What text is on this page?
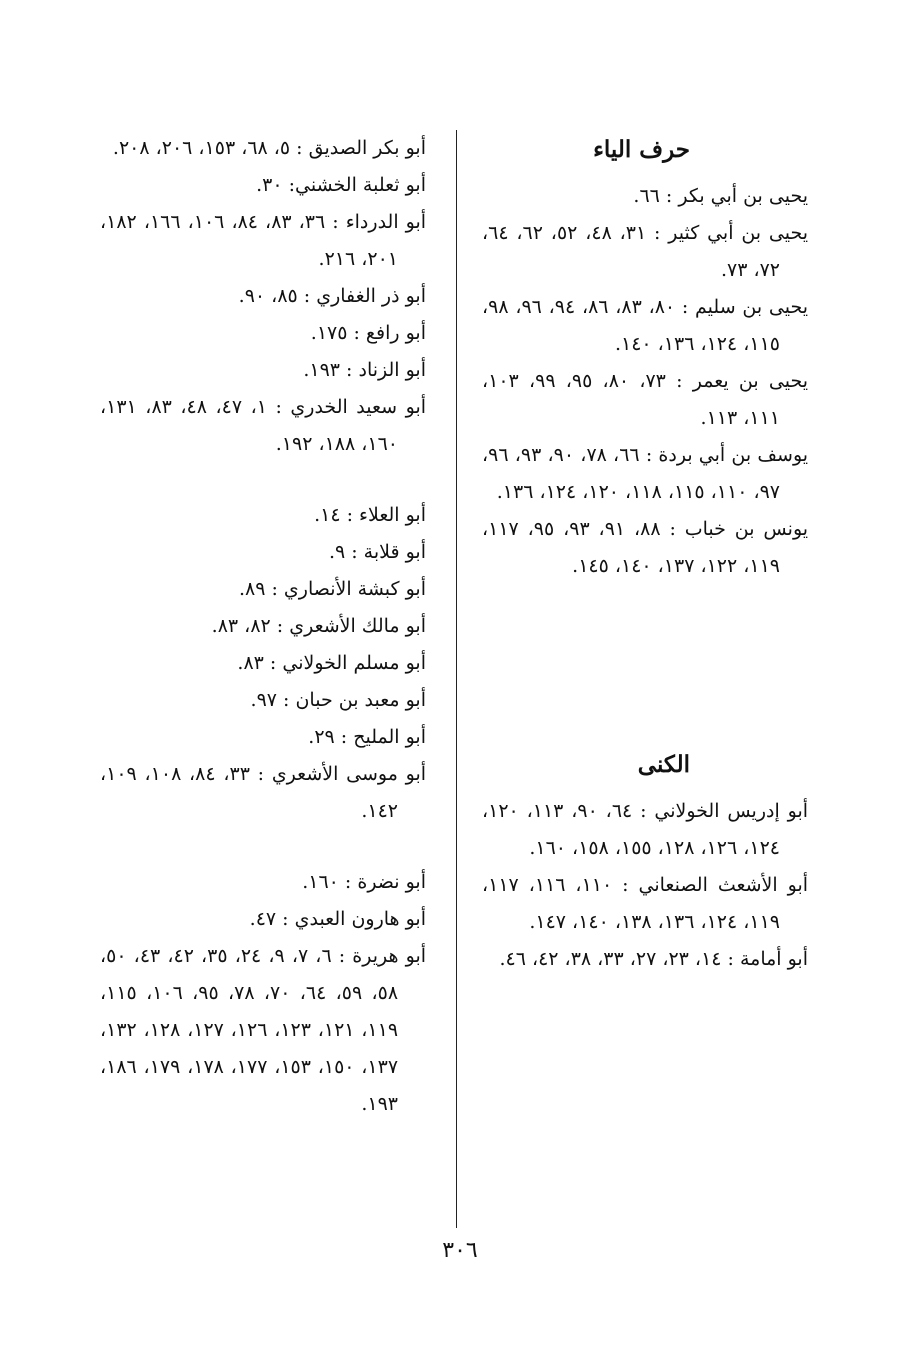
حرف الياء
يحيى بن أبي بكر : ٦٦.
يحيى بن أبي كثير : ٣١، ٤٨، ٥٢، ٦٢، ٦٤، ٧٢، ٧٣.
يحيى بن سليم : ٨٠، ٨٣، ٨٦، ٩٤، ٩٦، ٩٨، ١١٥، ١٢٤، ١٣٦، ١٤٠.
يحيى بن يعمر : ٧٣، ٨٠، ٩٥، ٩٩، ١٠٣، ١١١، ١١٣.
يوسف بن أبي بردة : ٦٦، ٧٨، ٩٠، ٩٣، ٩٦، ٩٧، ١١٠، ١١٥، ١١٨، ١٢٠، ١٢٤، ١٣٦.
يونس بن خباب : ٨٨، ٩١، ٩٣، ٩٥، ١١٧، ١١٩، ١٢٢، ١٣٧، ١٤٠، ١٤٥.
الكنى
أبو إدريس الخولاني : ٦٤، ٩٠، ١١٣، ١٢٠، ١٢٤، ١٢٦، ١٢٨، ١٥٥، ١٥٨، ١٦٠.
أبو الأشعث الصنعاني : ١١٠، ١١٦، ١١٧، ١١٩، ١٢٤، ١٣٦، ١٣٨، ١٤٠، ١٤٧.
أبو أمامة : ١٤، ٢٣، ٢٧، ٣٣، ٣٨، ٤٢، ٤٦.
أبو بكر الصديق : ٥، ٦٨، ١٥٣، ٢٠٦، ٢٠٨.
أبو ثعلبة الخشني: ٣٠.
أبو الدرداء : ٣٦، ٨٣، ٨٤، ١٠٦، ١٦٦، ١٨٢، ٢٠١، ٢١٦.
أبو ذر الغفاري : ٨٥، ٩٠.
أبو رافع : ١٧٥.
أبو الزناد : ١٩٣.
أبو سعيد الخدري : ١، ٤٧، ٤٨، ٨٣، ١٣١، ١٦٠، ١٨٨، ١٩٢.
أبو العلاء : ١٤.
أبو قلابة : ٩.
أبو كبشة الأنصاري : ٨٩.
أبو مالك الأشعري : ٨٢، ٨٣.
أبو مسلم الخولاني : ٨٣.
أبو معبد بن حبان : ٩٧.
أبو المليح : ٢٩.
أبو موسى الأشعري : ٣٣، ٨٤، ١٠٨، ١٠٩، ١٤٢.
أبو نضرة : ١٦٠.
أبو هارون العبدي : ٤٧.
أبو هريرة : ٦، ٧، ٩، ٢٤، ٣٥، ٤٢، ٤٣، ٥٠، ٥٨، ٥٩، ٦٤، ٧٠، ٧٨، ٩٥، ١٠٦، ١١٥، ١١٩، ١٢١، ١٢٣، ١٢٦، ١٢٧، ١٢٨، ١٣٢، ١٣٧، ١٥٠، ١٥٣، ١٧٧، ١٧٨، ١٧٩، ١٨٦، ١٩٣.
٣٠٦
